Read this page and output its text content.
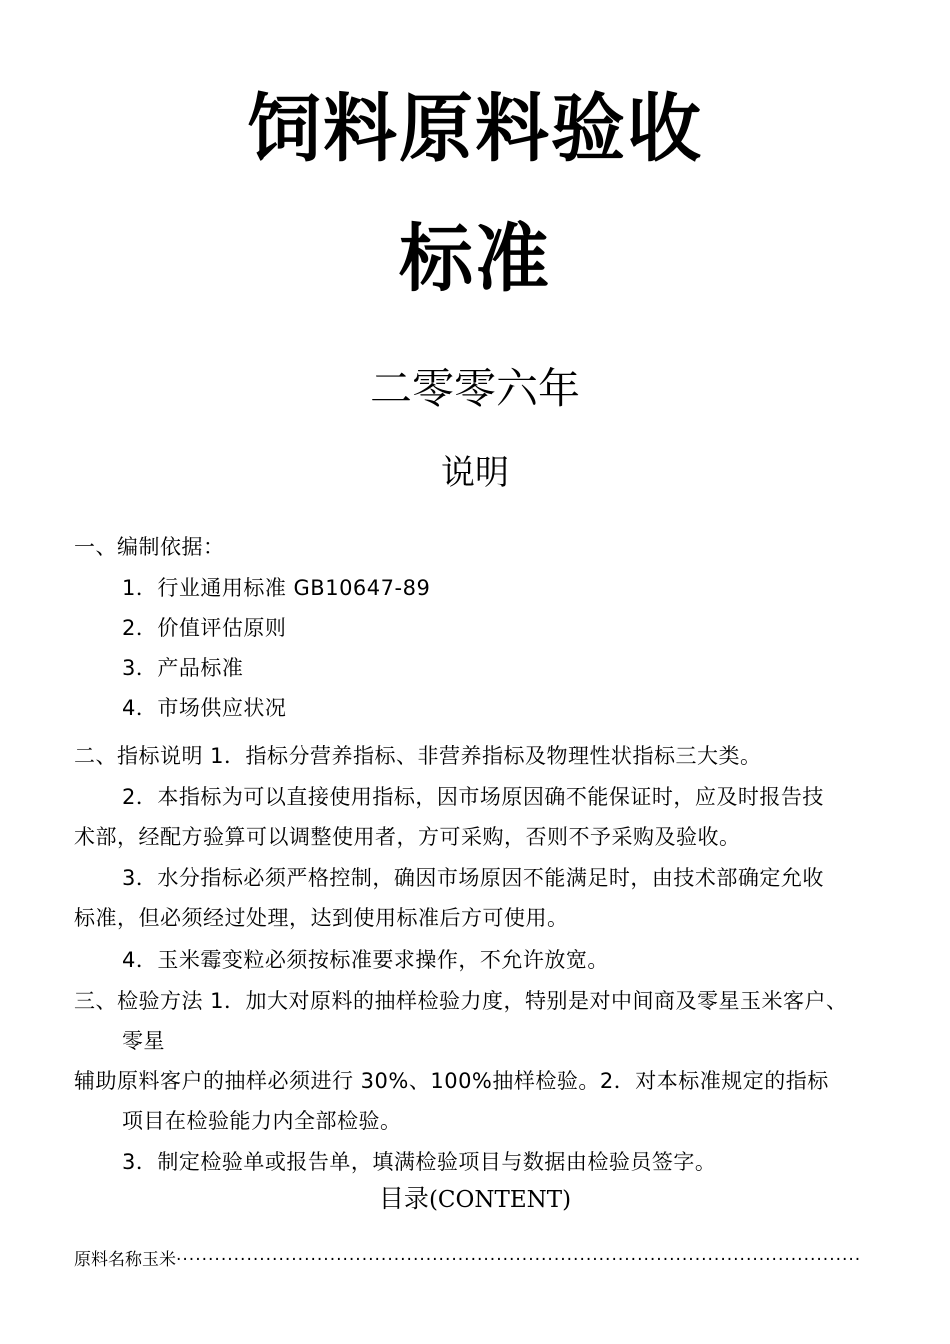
饲料原料验收
标准
二零零六年
说明
一、编制依据：
1．行业通用标准 GB10647-89
2．价值评估原则
3．产品标准
4．市场供应状况
二、指标说明 1．指标分营养指标、非营养指标及物理性状指标三大类。
2．本指标为可以直接使用指标，因市场原因确不能保证时，应及时报告技
术部，经配方验算可以调整使用者，方可采购，否则不予采购及验收。
3．水分指标必须严格控制，确因市场原因不能满足时，由技术部确定允收
标准，但必须经过处理，达到使用标准后方可使用。
4．玉米霉变粒必须按标准要求操作，不允许放宽。
三、检验方法 1．加大对原料的抽样检验力度，特别是对中间商及零星玉米客户、
零星
辅助原料客户的抽样必须进行 30%、100%抽样检验。2．对本标准规定的指标
项目在检验能力内全部检验。
3．制定检验单或报告单，填满检验项目与数据由检验员签字。
目录(CONTENT)
原料名称玉米
·····
